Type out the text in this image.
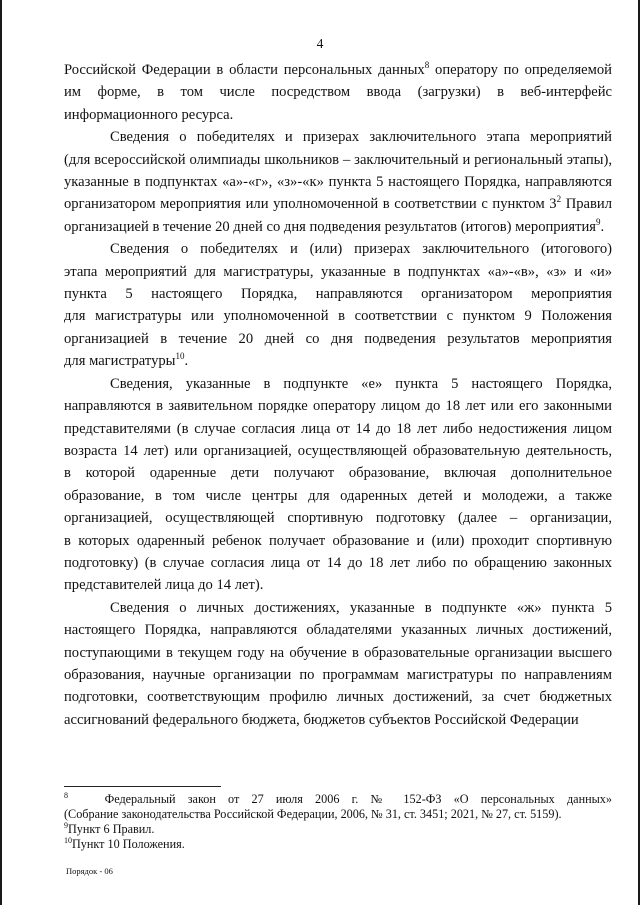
4
Российской Федерации в области персональных данных$^8$ оператору по определяемой
им форме, в том числе посредством ввода (загрузки) в веб-интерфейс
информационного ресурса.
Сведения о победителях и призерах заключительного этапа мероприятий
(для всероссийской олимпиады школьников – заключительный и региональный этапы),
указанные в подпунктах «а»-«г», «з»-«к» пункта 5 настоящего Порядка, направляются
организатором мероприятия или уполномоченной в соответствии с пунктом 3$^2$ Правил
организацией в течение 20 дней со дня подведения результатов (итогов) мероприятия$^9$.
Сведения о победителях и (или) призерах заключительного (итогового)
этапа мероприятий для магистратуры, указанные в подпунктах «а»-«в», «з» и «и»
пункта 5 настоящего Порядка, направляются организатором мероприятия
для магистратуры или уполномоченной в соответствии с пунктом 9 Положения
организацией в течение 20 дней со дня подведения результатов мероприятия
для магистратуры$^{10}$.
Сведения, указанные в подпункте «е» пункта 5 настоящего Порядка,
направляются в заявительном порядке оператору лицом до 18 лет или его законными
представителями (в случае согласия лица от 14 до 18 лет либо недостижения лицом
возраста 14 лет) или организацией, осуществляющей образовательную деятельность,
в которой одаренные дети получают образование, включая дополнительное
образование, в том числе центры для одаренных детей и молодежи, а также
организацией, осуществляющей спортивную подготовку (далее – организации,
в которых одаренный ребенок получает образование и (или) проходит спортивную
подготовку) (в случае согласия лица от 14 до 18 лет либо по обращению законных
представителей лица до 14 лет).
Сведения о личных достижениях, указанные в подпункте «ж» пункта 5
настоящего Порядка, направляются обладателями указанных личных достижений,
поступающими в текущем году на обучение в образовательные организации высшего
образования, научные организации по программам магистратуры по направлениям
подготовки, соответствующим профилю личных достижений, за счет бюджетных
ассигнований федерального бюджета, бюджетов субъектов Российской Федерации
$^8$	Федеральный закон от 27 июля 2006 г. № 152-ФЗ «О персональных данных»
(Собрание законодательства Российской Федерации, 2006, № 31, ст. 3451; 2021, № 27, ст. 5159).
$^9$Пункт 6 Правил.
$^{10}$Пункт 10 Положения.
Порядок - 06
